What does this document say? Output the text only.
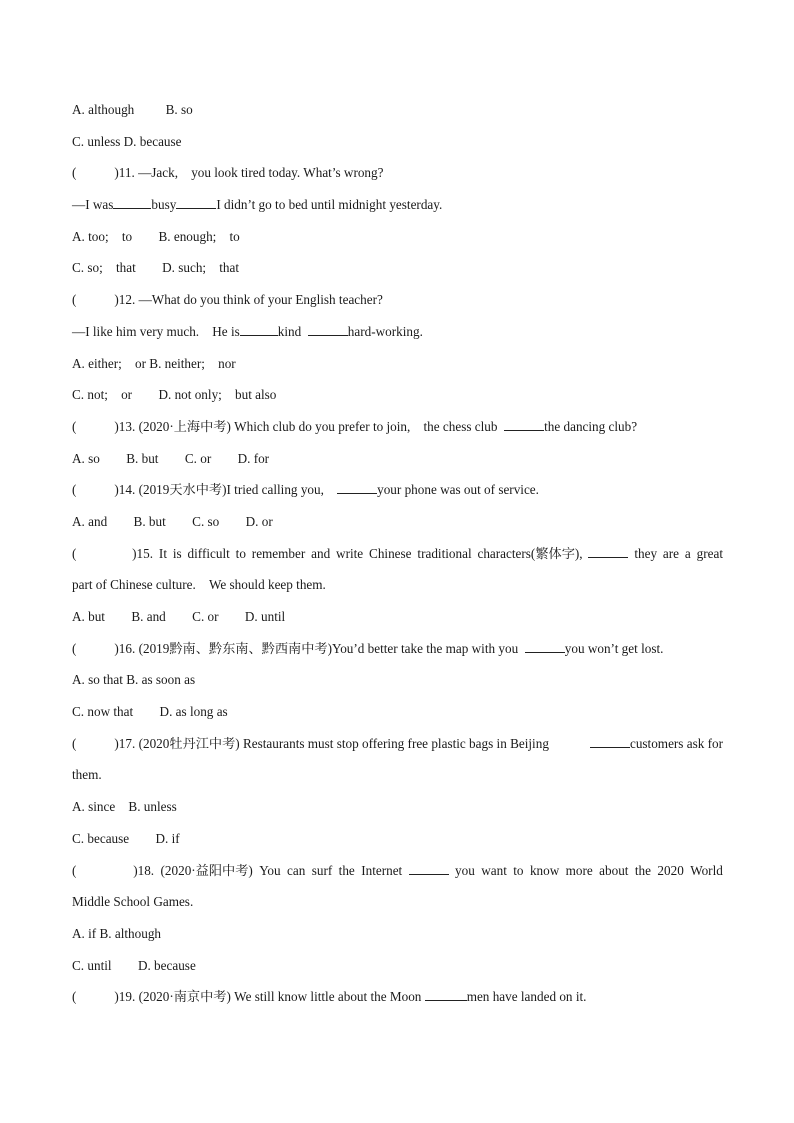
A. although B. so
C. unless D. because
(	)11. —Jack,　you look tired today. What’s wrong?
—I was	busy	I didn’t go to bed until midnight yesterday.
A. too;　to　　B. enough;　to
C. so;　that　　D. such;　that
(	)12. —What do you think of your English teacher?
—I like him very much.　He is	kind	hard-working.
A. either;　or B. neither;　nor
C. not;　or　　D. not only;　but also
(	)13. (2020·上海中考) Which club do you prefer to join,　the chess club	the dancing club?
A. so　　B. but　　C. or　　D. for
(	)14. (2019天水中考)I tried calling you,	your phone was out of service.
A. and　　B. but　　C. so　　D. or
(	)15. It is difficult to remember and write Chinese traditional characters(繁体字),	they are a great
part of Chinese culture.　We should keep them.
A. but　　B. and　　C. or　　D. until
(	)16. (2019黔南、黔东南、黔西南中考)You’d better take the map with you	you won’t get lost.
A. so that B. as soon as
C. now that　　D. as long as
(	)17. (2020牡丹江中考) Restaurants must stop offering free plastic bags in Beijing	customers ask for
them.
A. since　B. unless
C. because　　D. if
(	)18. (2020·益阳中考) You can surf the Internet	you want to know more about the 2020 World
Middle School Games.
A. if B. although
C. until　　D. because
(	)19. (2020·南京中考) We still know little about the Moon	men have landed on it.
